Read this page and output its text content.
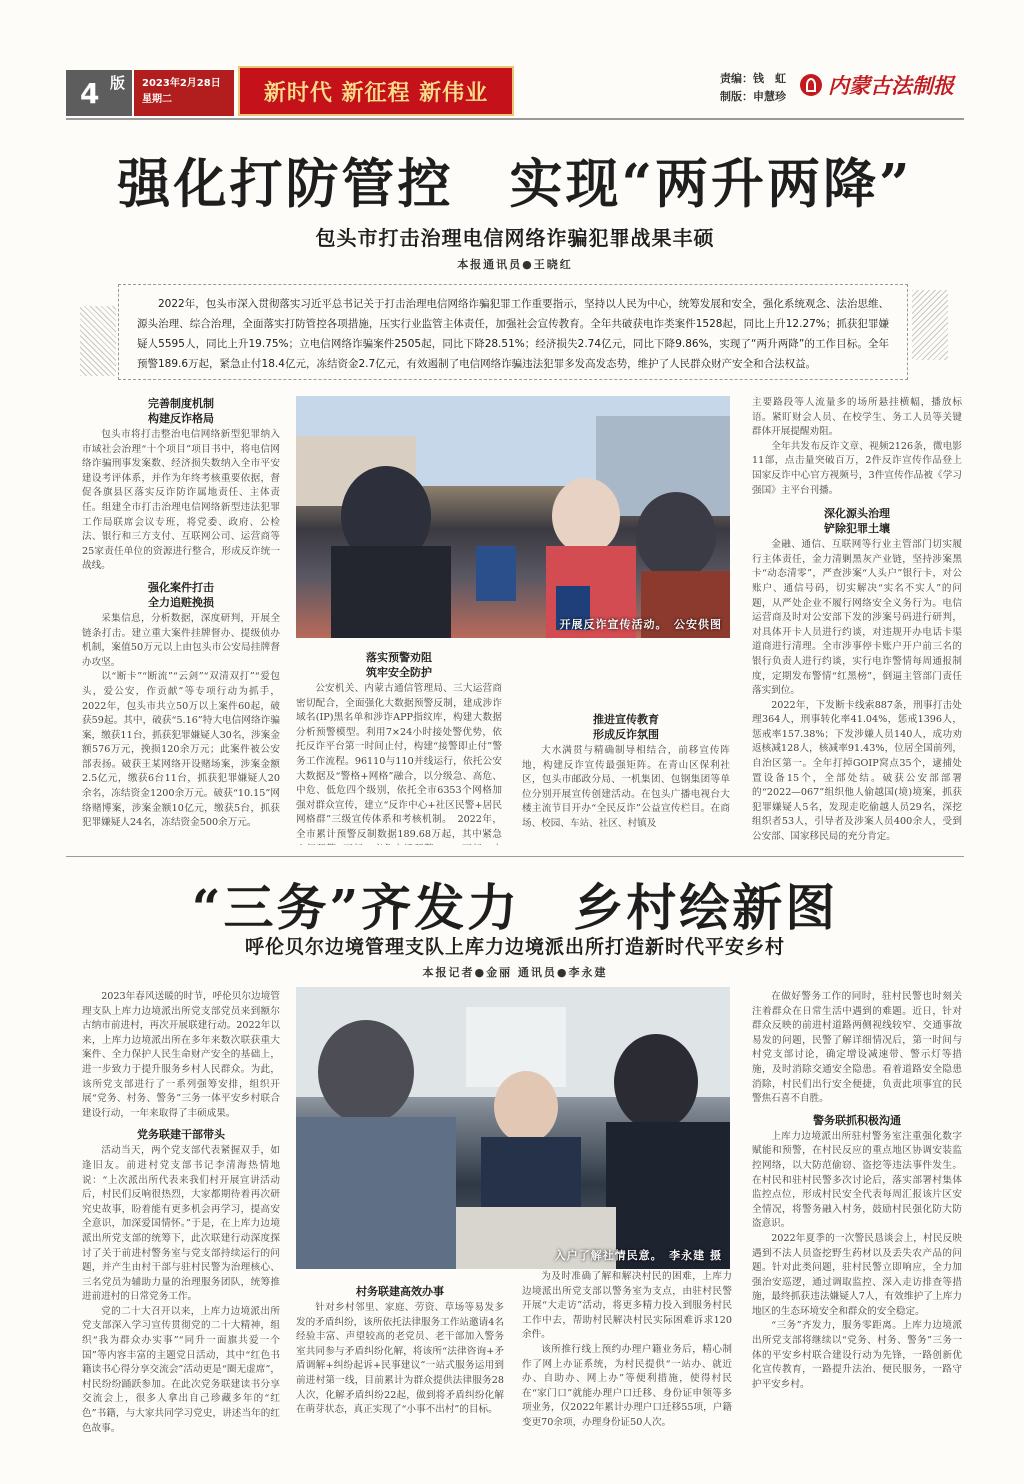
4 版 2023年2月28日
星期二	新时代 新征程 新伟业
责编：钱　虹
制版：申慧珍 内蒙古法制报
强化打防管控　实现“两升两降”
包头市打击治理电信网络诈骗犯罪战果丰硕
本报通讯员●王晓红
2022年，包头市深入贯彻落实习近平总书记关于打击治理电信网络诈骗犯罪工作重要指示，坚持以人民为中心，统筹发展和安全，强化系统观念、法治思维、源头治理、综合治理，全面落实打防管控各项措施，压实行业监管主体责任，加强社会宣传教育。全年共破获电诈类案件1528起，同比上升12.27%；抓获犯罪嫌疑人5595人，同比上升19.75%；立电信网络诈骗案件2505起，同比下降28.51%；经济损失2.74亿元，同比下降9.86%，实现了“两升两降”的工作目标。全年预警189.6万起，紧急止付18.4亿元，冻结资金2.7亿元，有效遏制了电信网络诈骗违法犯罪多发高发态势，维护了人民群众财产安全和合法权益。
完善制度机制
构建反诈格局

包头市将打击整治电信网络新型犯罪纳入市域社会治理“十个项目”项目书中，将电信网络诈骗刑事发案数、经济损失数纳入全市平安建设考评体系，并作为年终考核重要依据，督促各旗县区落实反诈防诈属地责任、主体责任。组建全市打击治理电信网络新型违法犯罪工作局联席会议专班，将党委、政府、公检法、银行和三方支付、互联网公司、运营商等25家责任单位的资源进行整合，形成反诈统一战线。

强化案件打击
全力追赃挽损

采集信息，分析数据，深度研判，开展全链条打击。建立重大案件挂牌督办、提级侦办机制，案值50万元以上由包头市公安局挂牌督办攻坚。

以“断卡”“断流”“云剑”“双清双打”“爱包头，爱公安，作贡献”等专项行动为抓手，2022年，包头市共立50万以上案件60起，破获59起。其中，破获“5.16”特大电信网络诈骗案，缴获11台，抓获犯罪嫌疑人30名，涉案金额576万元，挽损120余万元；此案件被公安部表扬。破获王某网络开设赌场案，涉案金额2.5亿元，缴获6台11台，抓获犯罪嫌疑人20余名，冻结资金1200余万元。破获“10.15”网络赌博案，涉案金额10亿元，缴获5台，抓获犯罪嫌疑人24名，冻结资金500余万元。

开展反诈宣传活动。　公安供图
落实预警劝阻
筑牢安全防护

公安机关、内蒙古通信管理局、三大运营商密切配合，全面强化大数据预警反制，建成涉诈域名(IP)黑名单和涉诈APP指纹库，构建大数据分析预警模型。利用7×24小时接处警优势，依托反诈平台第一时间止付，构建“接警即止付”警务工作流程。96110与110并线运行，依托公安大数据及“警格+网格”融合，以分级急、高危、中危、低危四个级别，依托全市6353个网格加强对群众宣传，建立“反诈中心+社区民警+居民网格群”三级宣传体系和考核机制。　2022年，全市累计预警反制数据189.68万起，其中紧急

推进宣传教育
形成反诈氛围

大水满贯与精确制导相结合，前移宣传阵地，构建反诈宣传最强矩阵。在青山区保利社区，包头市邮政分局、一机集团、包钢集团等单位分别开展宣传创建活动。在包头广播电视台大楼主流节目开办“全民反诈”公益宣传栏目。在商场、校园、车站、社区、村镇及

主要路段等人流量多的场所悬挂横幅，播放标语。紧盯财会人员、在校学生、务工人员等关键群体开展提醒劝阻。

全年共发布反诈文章、视频2126条，微电影11部，点击量突破百万，2件反诈宣传作品登上国家反诈中心官方视频号，3件宣传作品被《学习强国》主平台刊播。

深化源头治理
铲除犯罪土壤

金融、通信、互联网等行业主管部门切实履行主体责任，金力清剿黑灰产业链，坚持涉案黑卡“动态清零”，严查涉案“人头户”银行卡，对公账户、通信号码，切实解决“实名不实人”的问题，从严处企业不履行网络安全义务行为。电信运营商及时对公安部下发的涉案号码进行研判，对具体开卡人员进行约谈，对违规开办电话卡渠道商进行清理。全市涉事停卡账户开户前三名的银行负责人进行约谈，实行电诈警情每周通报制度，定期发布警情“红黑榜”，倒逼主管部门责任落实到位。

2022年，下发断卡线索887条，刑事打击处理364人，刑事转化率41.04%，惩戒1396人，惩戒率157.38%；下发涉嫌人员140人，成功劝返核减128人，核减率91.43%，位居全国前列，自治区第一。全年打掉GOIP窝点35个，逮捕处置设备15个，全部处结。破获公安部部署的“2022—067”组织他人偷越国(境)境案，抓获犯罪嫌疑人5名，发现走吃偷越人员29名，深挖组织者53人，引导者及涉案人员400余人，受到公安部、国家移民局的充分肯定。

“三务”齐发力　乡村绘新图
呼伦贝尔边境管理支队上库力边境派出所打造新时代平安乡村
本报记者●金丽 通讯员●李永建

2023年春风送暖的时节，呼伦贝尔边境管理支队上库力边境派出所党支部党员来到额尔古纳市前进村，再次开展联建行动。2022年以来，上库力边境派出所在多年来数次联获重大案件、全力保护人民生命财产安全的基础上，进一步致力于提升服务乡村人民群众。为此，该所党支部进行了一系列强筹安排，组织开展“党务、村务、警务”三务一体平安乡村联合建设行动，一年来取得了丰硕成果。

党务联建干部带头

活动当天，两个党支部代表紧握双手，如逢旧友。前进村党支部书记李清海热情地说：“上次派出所代表来我们村开展宣讲活动后，村民们反响很热烈，大家都期待着再次研究史故事，盼着能有更多机会再学习，提高安全意识，加深爱国情怀。”于是，在上库力边境派出所党支部的统筹下，此次联建行动深度探讨了关于前进村警务室与党支部持续运行的问题，并产生由村干部与驻村民警为治理核心、三名党员为辅助力量的治理服务团队，统筹推进前进村的日常党务工作。

党的二十大召开以来，上库力边境派出所党支部深入学习宣传贯彻党的二十大精神，组织“我为群众办实事”“同升一面旗共爱一个国”等内容丰富的主题党日活动，其中“红色书籍读书心得分享交流会”活动更是“圈无虚席”，村民纷纷踊跃参加。在此次党务联建读书分享交流会上，很多人拿出自己珍藏多年的“红色”书籍，与大家共同学习党史，讲述当年的红色故事。

入户了解社情民意。　李永建 摄
村务联建高效办事

针对乡村邻里、家庭、劳资、草场等易发多发的矛盾纠纷，该所依托法律服务工作站邀请4名经验丰富、声望较高的老党员、老干部加入警务室共同参与矛盾纠纷化解，将该所“法律咨询+矛盾调解+纠纷起诉+民事建议”一站式服务运用到前进村第一线，目前累计为群众提供法律服务28人次，化解矛盾纠纷22起，做到将矛盾纠纷化解在萌芽状态，真正实现了“小事不出村”的目标。

为及时准确了解和解决村民的困难，上库力边境派出所党支部以警务室为支点，由驻村民警开展“大走访”活动，将更多精力投入到服务村民工作中去，帮助村民解决村民实际困难诉求120余件。

该所推行线上预约办理户籍业务后，精心制作了网上办证系统，为村民提供“一站办、就近办、自助办、网上办”等便利措施，使得村民在“家门口”就能办理户口迁移、身份证申领等多项业务，仅2022年累计办理户口迁移55项，户籍变更70余项，办理身份证50人次。

在做好警务工作的同时，驻村民警也时刻关注着群众在日常生活中遇到的难题。近日，针对群众反映的前进村道路两侧视线较窄、交通事故易发的问题，民警了解详细情况后，第一时间与村党支部讨论，确定增设减速带、警示灯等措施，及时消除交通安全隐患。看着道路安全隐患消除，村民们出行安全便捷，负责此项事宜的民警焦石喜不自胜。

警务联抓积极沟通

上库力边境派出所驻村警务室注重强化数字赋能和预警，在村民反应的重点地区协调安装监控网络，以大防范偷窃、盗挖等违法事件发生。在村民和驻村民警多次讨论后，落实部署村集体监控点位，形成村民安全代表每周汇报该片区安全情况，将警务融入村务，鼓励村民强化防大防盗意识。

2022年夏季的一次警民恳谈会上，村民反映遇到不法人员盗挖野生药材以及丢失农产品的问题。针对此类问题，驻村民警立即响应，全力加强治安巡逻，通过调取监控、深入走访排查等措施，最终抓获违法嫌疑人7人，有效维护了上库力地区的生态环境安全和群众的安全稳定。

“三务”齐发力，服务零距离。上库力边境派出所党支部将继续以“党务、村务、警务”三务一体的平安乡村联合建设行动为先锋，一路创新优化宣传教育，一路提升法治、便民服务，一路守护平安乡村。
